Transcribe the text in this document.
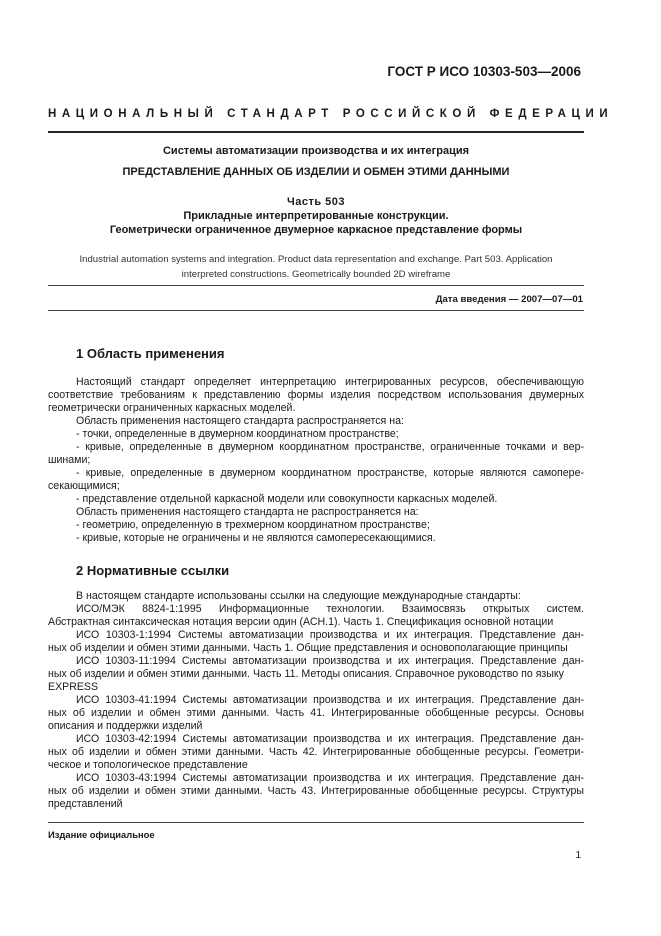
ГОСТ Р ИСО 10303-503—2006
НАЦИОНАЛЬНЫЙ СТАНДАРТ РОССИЙСКОЙ ФЕДЕРАЦИИ
Системы автоматизации производства и их интеграция
ПРЕДСТАВЛЕНИЕ ДАННЫХ ОБ ИЗДЕЛИИ И ОБМЕН ЭТИМИ ДАННЫМИ
Часть 503
Прикладные интерпретированные конструкции.
Геометрически ограниченное двумерное каркасное представление формы
Industrial automation systems and integration. Product data representation and exchange. Part 503. Application
interpreted constructions. Geometrically bounded 2D wireframe
Дата введения — 2007—07—01
1 Область применения

Настоящий стандарт определяет интерпретацию интегрированных ресурсов, обеспечивающую

соответствие требованиям к представлению формы изделия посредством использования двумерных

геометрически ограниченных каркасных моделей.

Область применения настоящего стандарта распространяется на:

- точки, определенные в двумерном координатном пространстве;

- кривые, определенные в двумерном координатном пространстве, ограниченные точками и вер-

шинами;

- кривые, определенные в двумерном координатном пространстве, которые являются самопере-

секающимися;

- представление отдельной каркасной модели или совокупности каркасных моделей.

Область применения настоящего стандарта не распространяется на:

- геометрию, определенную в трехмерном координатном пространстве;

- кривые, которые не ограничены и не являются самопересекающимися.

2 Нормативные ссылки

В настоящем стандарте использованы ссылки на следующие международные стандарты:

ИСО/МЭК 8824-1:1995 Информационные технологии. Взаимосвязь открытых систем.

Абстрактная синтаксическая нотация версии один (АСН.1). Часть 1. Спецификация основной нотации

ИСО 10303-1:1994 Системы автоматизации производства и их интеграция. Представление дан-

ных об изделии и обмен этими данными. Часть 1. Общие представления и основополагающие принципы

ИСО 10303-11:1994 Системы автоматизации производства и их интеграция. Представление дан-

ных об изделии и обмен этими данными. Часть 11. Методы описания. Справочное руководство по языку

EXPRESS

ИСО 10303-41:1994 Системы автоматизации производства и их интеграция. Представление дан-

ных об изделии и обмен этими данными. Часть 41. Интегрированные обобщенные ресурсы. Основы

описания и поддержки изделий

ИСО 10303-42:1994 Системы автоматизации производства и их интеграция. Представление дан-

ных об изделии и обмен этими данными. Часть 42. Интегрированные обобщенные ресурсы. Геометри-

ческое и топологическое представление

ИСО 10303-43:1994 Системы автоматизации производства и их интеграция. Представление дан-

ных об изделии и обмен этими данными. Часть 43. Интегрированные обобщенные ресурсы. Структуры

представлений

Издание официальное
1
